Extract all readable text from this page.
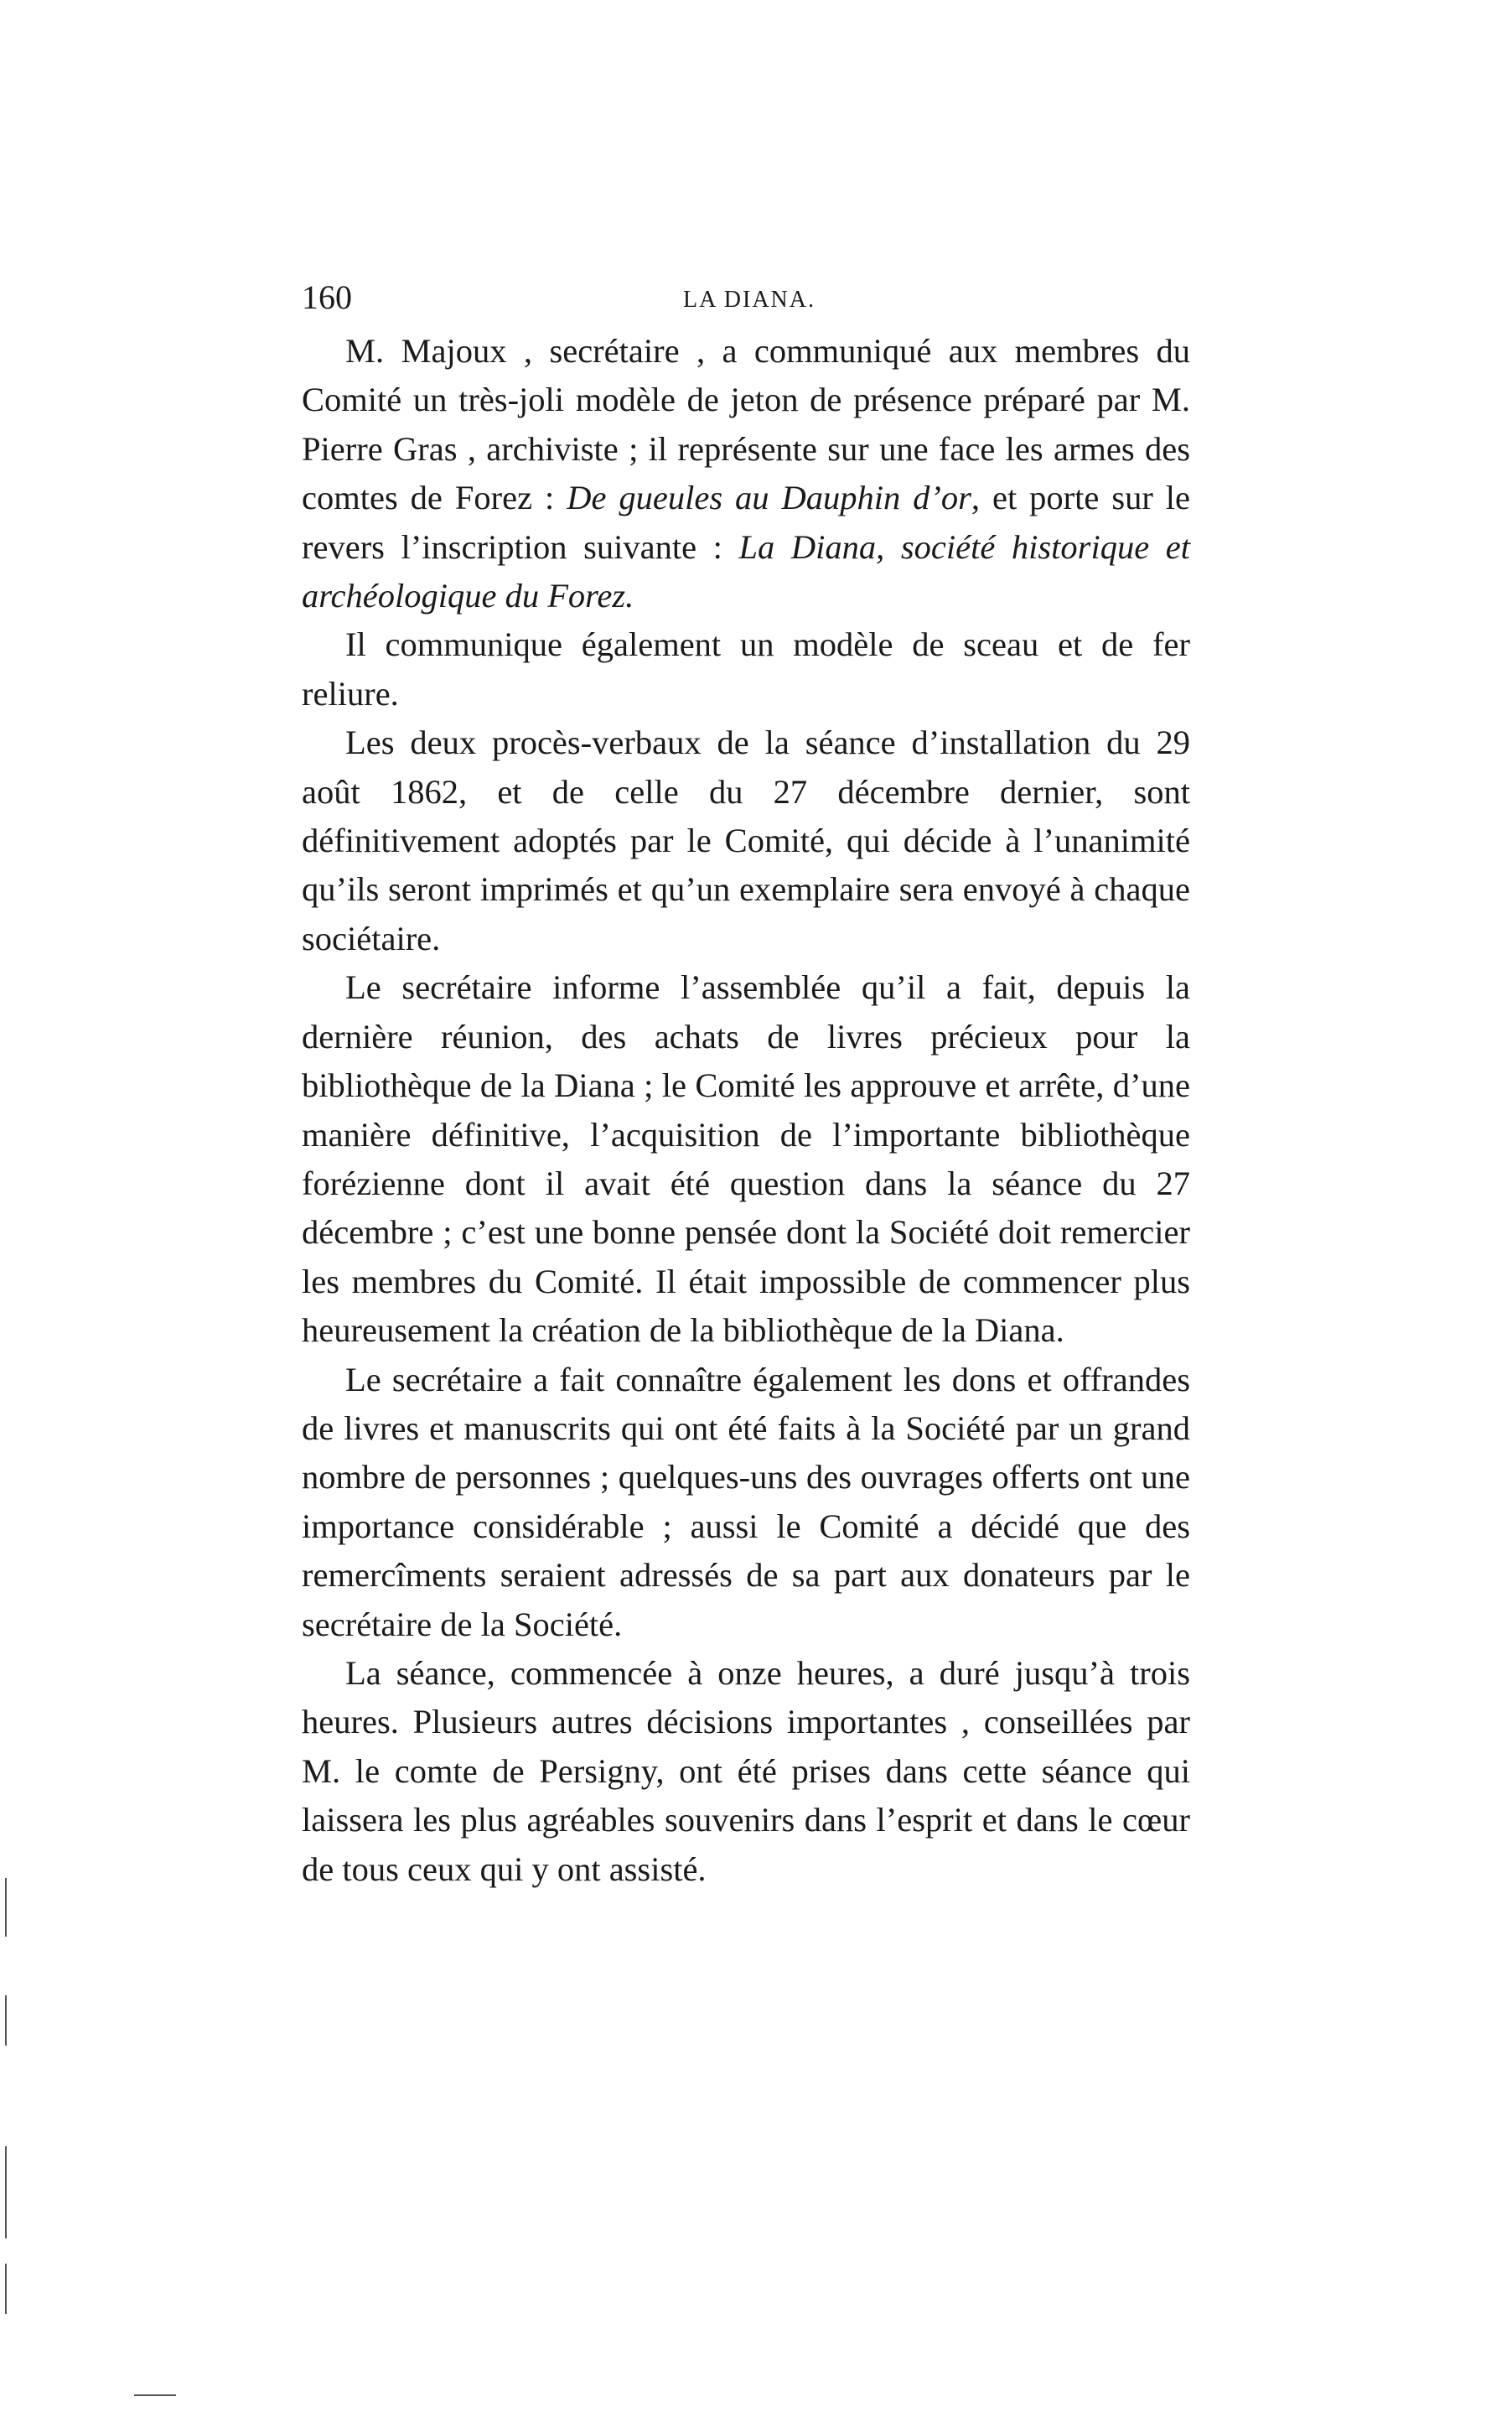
160	LA DIANA.

M. Majoux , secrétaire , a communiqué aux membres du Comité un très-joli modèle de jeton de présence préparé par M. Pierre Gras , archiviste ; il représente sur une face les armes des comtes de Forez : De gueules au Dauphin d’or, et porte sur le revers l’inscription suivante : La Diana, société historique et archéologique du Forez.

Il communique également un modèle de sceau et de fer reliure.

Les deux procès-verbaux de la séance d’installation du 29 août 1862, et de celle du 27 décembre dernier, sont définitivement adoptés par le Comité, qui décide à l’unanimité qu’ils seront imprimés et qu’un exemplaire sera envoyé à chaque sociétaire.

Le secrétaire informe l’assemblée qu’il a fait, depuis la dernière réunion, des achats de livres précieux pour la bibliothèque de la Diana ; le Comité les approuve et arrête, d’une manière définitive, l’acquisition de l’importante bibliothèque forézienne dont il avait été question dans la séance du 27 décembre ; c’est une bonne pensée dont la Société doit remercier les membres du Comité. Il était impossible de commencer plus heureusement la création de la bibliothèque de la Diana.

Le secrétaire a fait connaître également les dons et offrandes de livres et manuscrits qui ont été faits à la Société par un grand nombre de personnes ; quelques-uns des ouvrages offerts ont une importance considérable ; aussi le Comité a décidé que des remercîments seraient adressés de sa part aux donateurs par le secrétaire de la Société.

La séance, commencée à onze heures, a duré jusqu’à trois heures. Plusieurs autres décisions importantes , conseillées par M. le comte de Persigny, ont été prises dans cette séance qui laissera les plus agréables souvenirs dans l’esprit et dans le cœur de tous ceux qui y ont assisté.
